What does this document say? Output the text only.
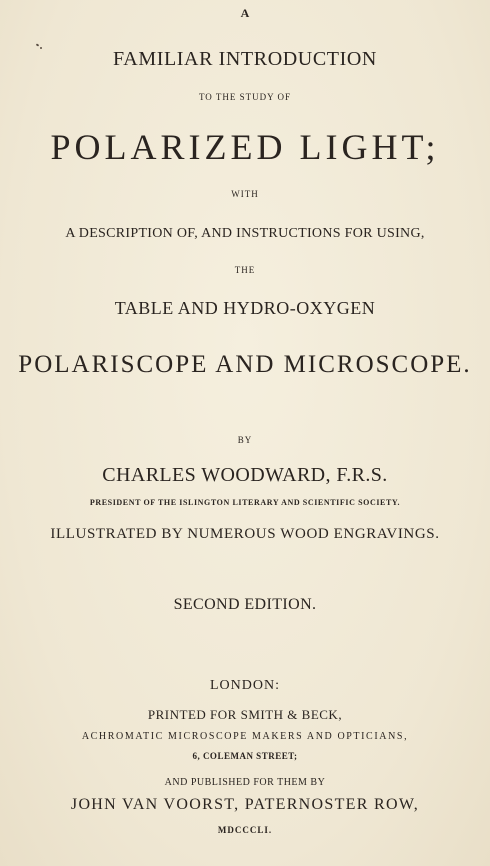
A
FAMILIAR INTRODUCTION
TO THE STUDY OF
POLARIZED LIGHT;
WITH
A DESCRIPTION OF, AND INSTRUCTIONS FOR USING,
THE
TABLE AND HYDRO-OXYGEN
POLARISCOPE AND MICROSCOPE.
BY
CHARLES WOODWARD, F.R.S.
PRESIDENT OF THE ISLINGTON LITERARY AND SCIENTIFIC SOCIETY.
ILLUSTRATED BY NUMEROUS WOOD ENGRAVINGS.
SECOND EDITION.
LONDON:
PRINTED FOR SMITH & BECK,
ACHROMATIC MICROSCOPE MAKERS AND OPTICIANS,
6, COLEMAN STREET;
AND PUBLISHED FOR THEM BY
JOHN VAN VOORST, PATERNOSTER ROW,
MDCCCLI.
